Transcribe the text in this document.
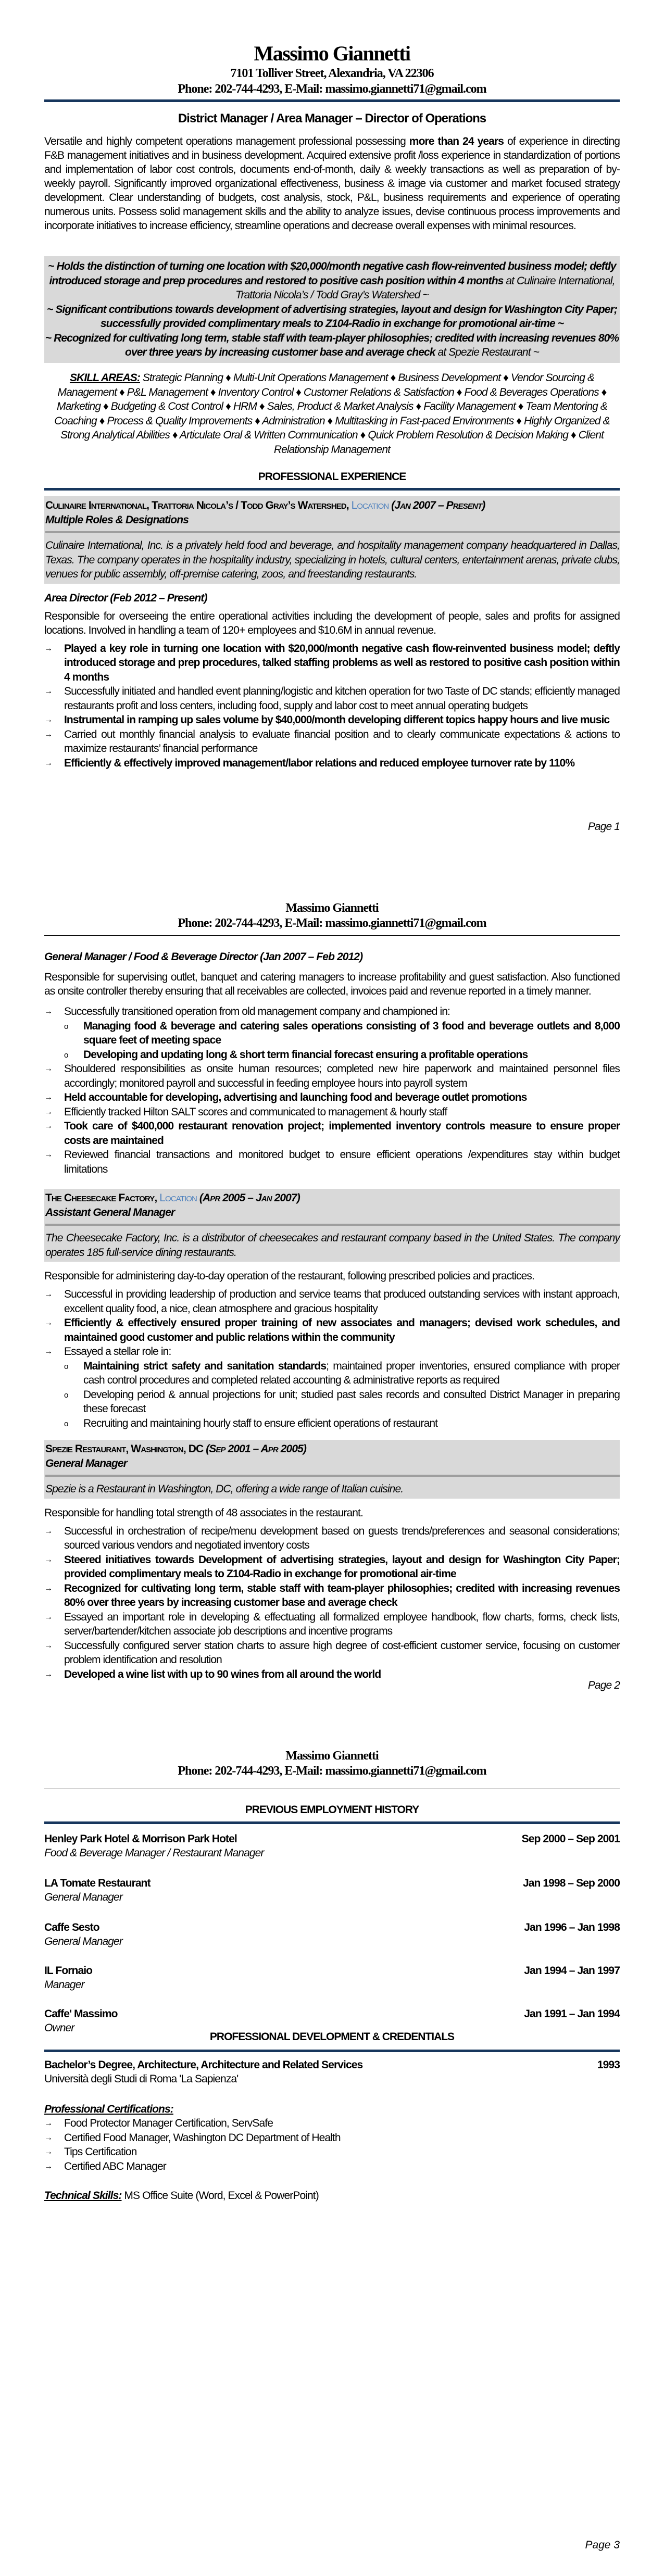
Massimo Giannetti
7101 Tolliver Street, Alexandria, VA 22306
Phone: 202-744-4293, E-Mail: massimo.giannetti71@gmail.com
District Manager / Area Manager – Director of Operations
Versatile and highly competent operations management professional possessing more than 24 years of experience in directing F&B management initiatives and in business development. Acquired extensive profit /loss experience in standardization of portions and implementation of labor cost controls, documents end-of-month, daily & weekly transactions as well as preparation of by-weekly payroll. Significantly improved organizational effectiveness, business & image via customer and market focused strategy development. Clear understanding of budgets, cost analysis, stock, P&L, business requirements and experience of operating numerous units. Possess solid management skills and the ability to analyze issues, devise continuous process improvements and incorporate initiatives to increase efficiency, streamline operations and decrease overall expenses with minimal resources.
~ Holds the distinction of turning one location with $20,000/month negative cash flow-reinvented business model; deftly introduced storage and prep procedures and restored to positive cash position within 4 months at Culinaire International, Trattoria Nicola’s / Todd Gray’s Watershed ~
~ Significant contributions towards development of advertising strategies, layout and design for Washington City Paper; successfully provided complimentary meals to Z104-Radio in exchange for promotional air-time ~
~ Recognized for cultivating long term, stable staff with team-player philosophies; credited with increasing revenues 80% over three years by increasing customer base and average check at Spezie Restaurant ~
SKILL AREAS: Strategic Planning ♦ Multi-Unit Operations Management ♦ Business Development ♦ Vendor Sourcing & Management ♦ P&L Management ♦ Inventory Control ♦ Customer Relations & Satisfaction ♦ Food & Beverages Operations ♦ Marketing ♦ Budgeting & Cost Control ♦ HRM ♦ Sales, Product & Market Analysis ♦ Facility Management ♦ Team Mentoring & Coaching ♦ Process & Quality Improvements ♦ Administration ♦ Multitasking in Fast-paced Environments ♦ Highly Organized & Strong Analytical Abilities ♦ Articulate Oral & Written Communication ♦ Quick Problem Resolution & Decision Making ♦ Client Relationship Management
PROFESSIONAL EXPERIENCE
Culinaire International, Trattoria Nicola’s / Todd Gray’s Watershed, Location (Jan 2007 – Present)
Multiple Roles & Designations
Culinaire International, Inc. is a privately held food and beverage, and hospitality management company headquartered in Dallas, Texas. The company operates in the hospitality industry, specializing in hotels, cultural centers, entertainment arenas, private clubs, venues for public assembly, off-premise catering, zoos, and freestanding restaurants.
Area Director (Feb 2012 – Present)

Responsible for overseeing the entire operational activities including the development of people, sales and profits for assigned locations. Involved in handling a team of 120+ employees and $10.6M in annual revenue.

→ Played a key role in turning one location with $20,000/month negative cash flow-reinvented business model; deftly introduced storage and prep procedures, talked staffing problems as well as restored to positive cash position within 4 months
→ Successfully initiated and handled event planning/logistic and kitchen operation for two Taste of DC stands; efficiently managed restaurants profit and loss centers, including food, supply and labor cost to meet annual operating budgets
→ Instrumental in ramping up sales volume by $40,000/month developing different topics happy hours and live music
→ Carried out monthly financial analysis to evaluate financial position and to clearly communicate expectations & actions to maximize restaurants’ financial performance
→ Efficiently & effectively improved management/labor relations and reduced employee turnover rate by 110%
Page 1
Massimo Giannetti
Phone: 202-744-4293, E-Mail: massimo.giannetti71@gmail.com
General Manager / Food & Beverage Director (Jan 2007 – Feb 2012)

Responsible for supervising outlet, banquet and catering managers to increase profitability and guest satisfaction. Also functioned as onsite controller thereby ensuring that all receivables are collected, invoices paid and revenue reported in a timely manner.

→ Successfully transitioned operation from old management company and championed in:
o Managing food & beverage and catering sales operations consisting of 3 food and beverage outlets and 8,000 square feet of meeting space
o Developing and updating long & short term financial forecast ensuring a profitable operations
→ Shouldered responsibilities as onsite human resources; completed new hire paperwork and maintained personnel files accordingly; monitored payroll and successful in feeding employee hours into payroll system
→ Held accountable for developing, advertising and launching food and beverage outlet promotions
→ Efficiently tracked Hilton SALT scores and communicated to management & hourly staff
→ Took care of $400,000 restaurant renovation project; implemented inventory controls measure to ensure proper costs are maintained
→ Reviewed financial transactions and monitored budget to ensure efficient operations /expenditures stay within budget limitations
The Cheesecake Factory, Location (Apr 2005 – Jan 2007)
Assistant General Manager
The Cheesecake Factory, Inc. is a distributor of cheesecakes and restaurant company based in the United States. The company operates 185 full-service dining restaurants.

Responsible for administering day-to-day operation of the restaurant, following prescribed policies and practices.

→ Successful in providing leadership of production and service teams that produced outstanding services with instant approach, excellent quality food, a nice, clean atmosphere and gracious hospitality
→ Efficiently & effectively ensured proper training of new associates and managers; devised work schedules, and maintained good customer and public relations within the community
→ Essayed a stellar role in:
o Maintaining strict safety and sanitation standards; maintained proper inventories, ensured compliance with proper cash control procedures and completed related accounting & administrative reports as required
o Developing period & annual projections for unit; studied past sales records and consulted District Manager in preparing these forecast
o Recruiting and maintaining hourly staff to ensure efficient operations of restaurant
Spezie Restaurant, Washington, DC (Sep 2001 – Apr 2005)
General Manager
Spezie is a Restaurant in Washington, DC, offering a wide range of Italian cuisine.

Responsible for handling total strength of 48 associates in the restaurant.

→ Successful in orchestration of recipe/menu development based on guests trends/preferences and seasonal considerations; sourced various vendors and negotiated inventory costs
→ Steered initiatives towards Development of advertising strategies, layout and design for Washington City Paper; provided complimentary meals to Z104-Radio in exchange for promotional air-time
→ Recognized for cultivating long term, stable staff with team-player philosophies; credited with increasing revenues 80% over three years by increasing customer base and average check
→ Essayed an important role in developing & effectuating all formalized employee handbook, flow charts, forms, check lists, server/bartender/kitchen associate job descriptions and incentive programs
→ Successfully configured server station charts to assure high degree of cost-efficient customer service, focusing on customer problem identification and resolution
→ Developed a wine list with up to 90 wines from all around the world
Page 2
Massimo Giannetti
Phone: 202-744-4293, E-Mail: massimo.giannetti71@gmail.com
PREVIOUS EMPLOYMENT HISTORY
Henley Park Hotel & Morrison Park Hotel	Sep 2000 – Sep 2001
Food & Beverage Manager / Restaurant Manager
LA Tomate Restaurant	Jan 1998 – Sep 2000
General Manager
Caffe Sesto	Jan 1996 – Jan 1998
General Manager
IL Fornaio	Jan 1994 – Jan 1997
Manager
Caffe' Massimo	Jan 1991 – Jan 1994
Owner
PROFESSIONAL DEVELOPMENT & CREDENTIALS
Bachelor’s Degree, Architecture, Architecture and Related Services	1993
Università degli Studi di Roma 'La Sapienza'
Professional Certifications:
→ Food Protector Manager Certification, ServSafe
→ Certified Food Manager, Washington DC Department of Health
→ Tips Certification
→ Certified ABC Manager
Technical Skills: MS Office Suite (Word, Excel & PowerPoint)
Page 3
